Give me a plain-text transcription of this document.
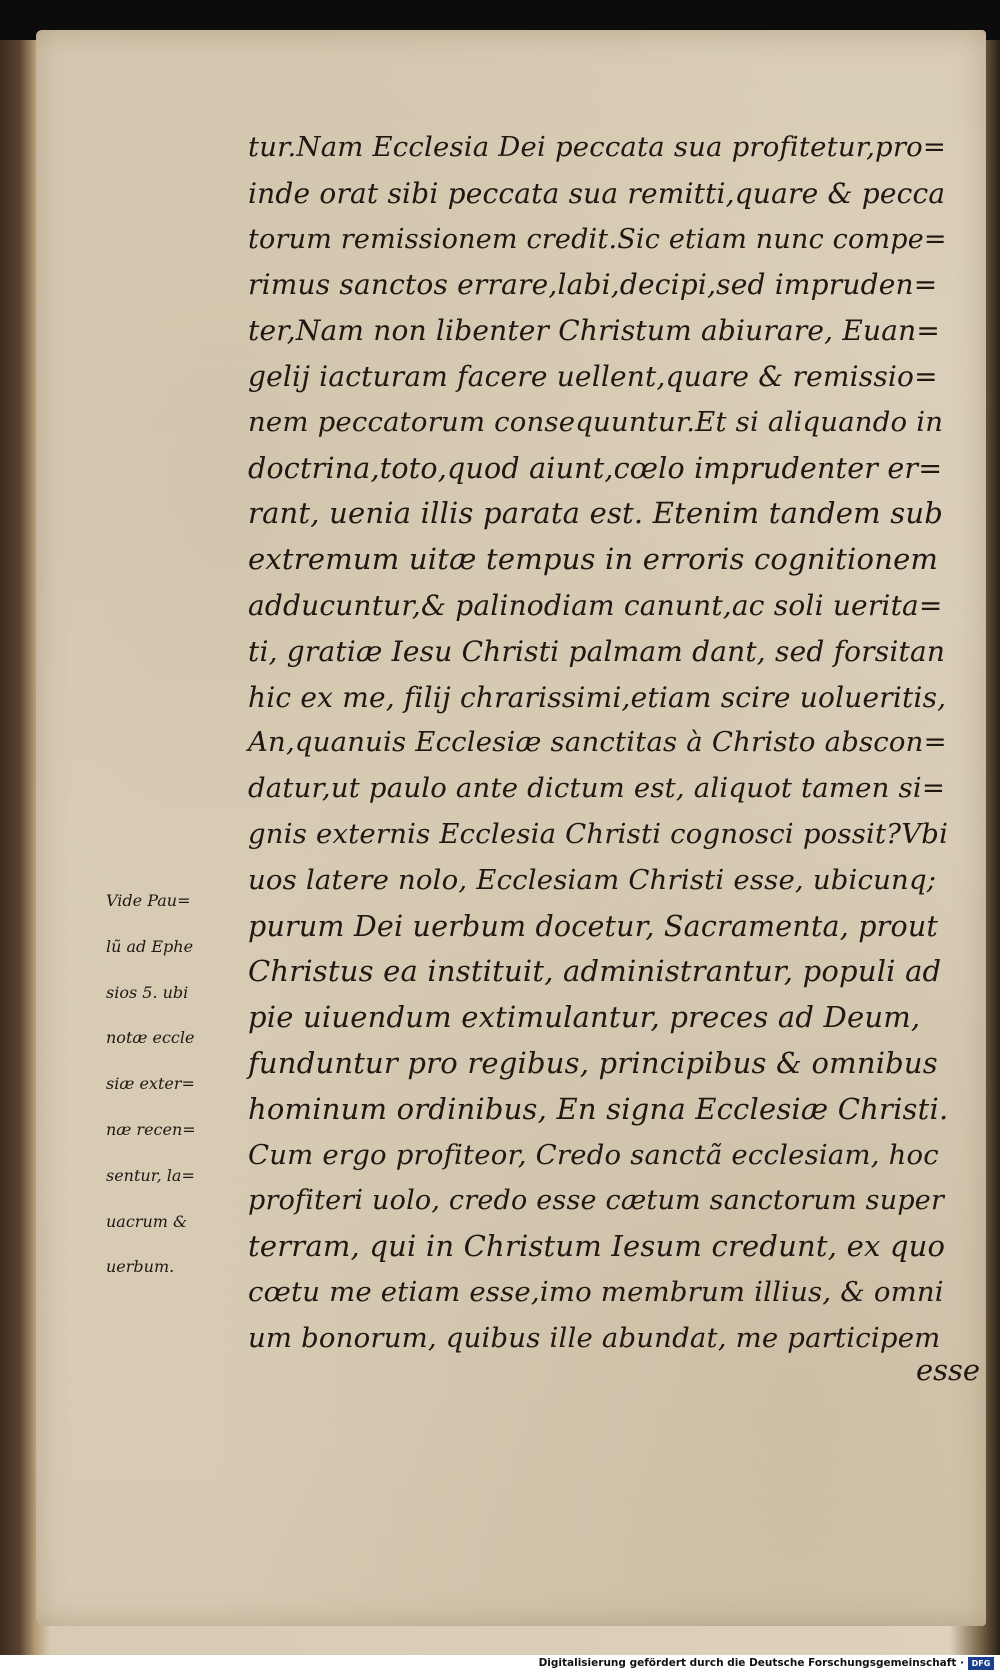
tur.Nam Ecclesia Dei peccata sua profitetur,pro=
inde orat sibi peccata sua remitti,quare & pecca
torum remissionem credit.Sic etiam nunc compe=
rimus sanctos errare,labi,decipi,sed impruden=
ter,Nam non libenter Christum abiurare, Euan=
gelij iacturam facere uellent,quare & remissio=
nem peccatorum consequuntur.Et si aliquando in
doctrina,toto,quod aiunt,cœlo imprudenter er=
rant, uenia illis parata est. Etenim tandem sub
extremum uitæ tempus in erroris cognitionem
adducuntur,& palinodiam canunt,ac soli uerita=
ti, gratiæ Iesu Christi palmam dant, sed forsitan
hic ex me, filij chrarissimi,etiam scire uolueritis,
An,quanuis Ecclesiæ sanctitas à Christo abscon=
datur,ut paulo ante dictum est, aliquot tamen si=
gnis externis Ecclesia Christi cognosci possit?Vbi
uos latere nolo, Ecclesiam Christi esse, ubicunq;
purum Dei uerbum docetur, Sacramenta, prout
Christus ea instituit, administrantur, populi ad
pie uiuendum extimulantur, preces ad Deum,
funduntur pro regibus, principibus & omnibus
hominum ordinibus, En signa Ecclesiæ Christi.
Cum ergo profiteor, Credo sanctã ecclesiam, hoc
profiteri uolo, credo esse cætum sanctorum super
terram, qui in Christum Iesum credunt, ex quo
cœtu me etiam esse,imo membrum illius, & omni
um bonorum, quibus ille abundat, me participem
Vide Pau=
lũ ad Ephe
sios 5. ubi
notæ eccle
siæ exter=
næ recen=
sentur, la=
uacrum &
uerbum.
esse
Digitalisierung gefördert durch die Deutsche Forschungsgemeinschaft · DFG
